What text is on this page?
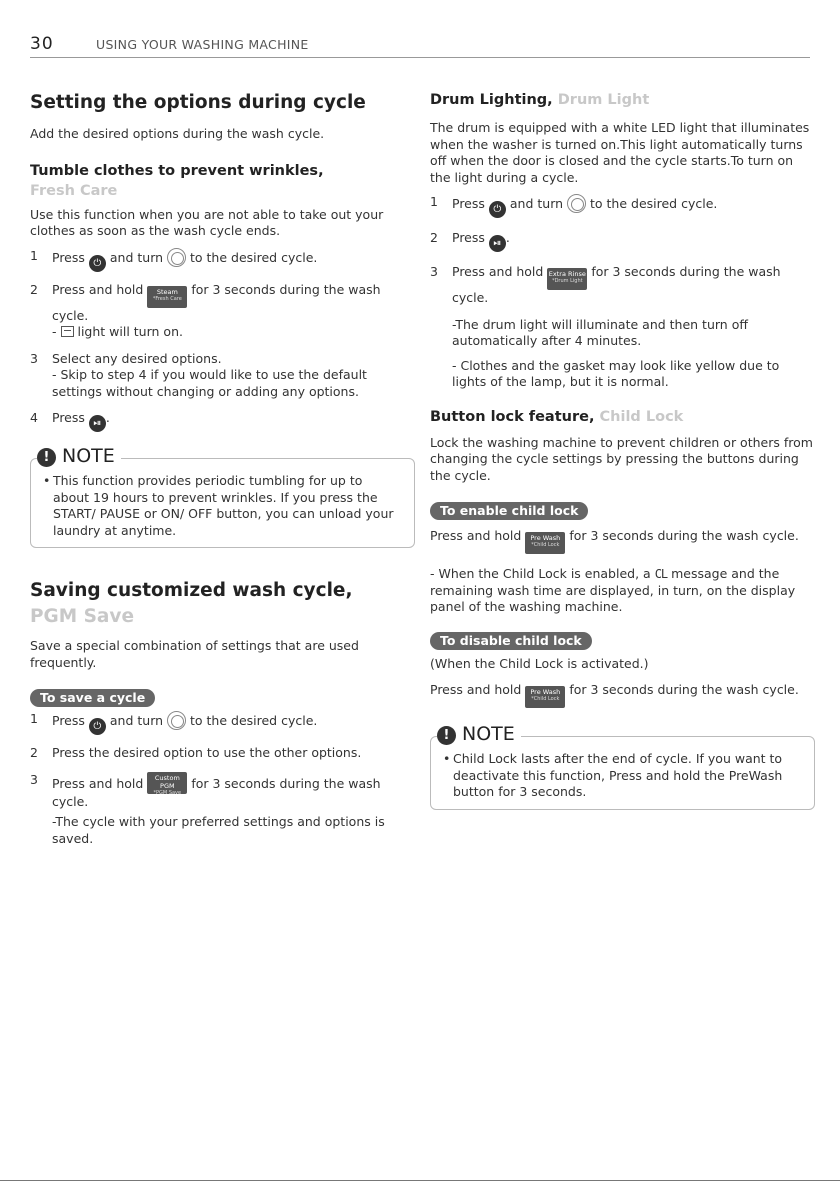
30	USING YOUR WASHING MACHINE
Setting the options during cycle

Add the desired options during the wash cycle.

Tumble clothes to prevent wrinkles,
Fresh Care

Use this function when you are not able to take out your clothes as soon as the wash cycle ends.

1 Press ⏻ and turn to the desired cycle.
2 Press and hold	Steam
*Fresh Care
for 3 seconds during the wash cycle.
- light will turn on.
3 Select any desired options.
- Skip to step 4 if you would like to use the default settings without changing or adding any options.
4 Press ⏯ .
! NOTE
• This function provides periodic tumbling for up to about 19 hours to prevent wrinkles. If you press the START/ PAUSE or ON/ OFF button, you can unload your laundry at anytime.
Saving customized wash cycle,
PGM Save

Save a special combination of settings that are used frequently.

To save a cycle
1 Press ⏻ and turn to the desired cycle.
2 Press the desired option to use the other options.
3 Press and hold	Custom PGM
*PGM Save
for 3 seconds during the wash cycle.
-The cycle with your preferred settings and options is saved.
Drum Lighting, Drum Light

The drum is equipped with a white LED light that illuminates when the washer is turned on.This light automatically turns off when the door is closed and the cycle starts.To turn on the light during a cycle.

1 Press ⏻ and turn to the desired cycle.
2 Press ⏯ .
3 Press and hold Extra Rinse
*Drum Light
for 3 seconds during the wash cycle.
-The drum light will illuminate and then turn off automatically after 4 minutes.
- Clothes and the gasket may look like yellow due to lights of the lamp, but it is normal.
Button lock feature, Child Lock

Lock the washing machine to prevent children or others from changing the cycle settings by pressing the buttons during the cycle.

To enable child lock

Press and hold	Pre Wash
*Child Lock
for 3 seconds during the wash cycle.

- When the Child Lock is enabled, a CL message and the remaining wash time are displayed, in turn, on the display panel of the washing machine.

To disable child lock

(When the Child Lock is activated.)

Press and hold	Pre Wash
*Child Lock
for 3 seconds during the wash cycle.

! NOTE
• Child Lock lasts after the end of cycle. If you want to deactivate this function, Press and hold the PreWash button for 3 seconds.
